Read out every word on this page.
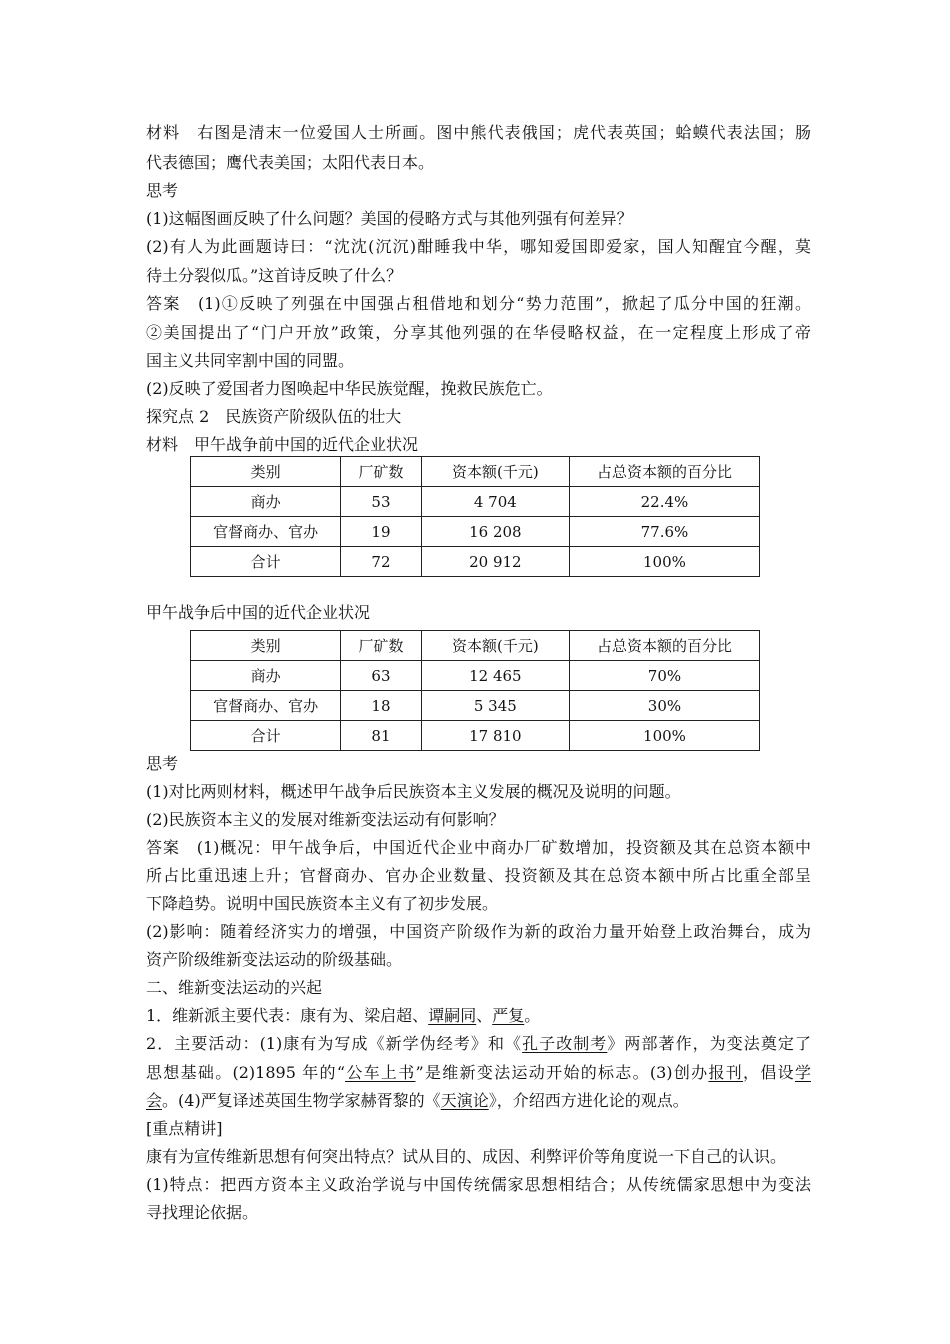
材料　右图是清末一位爱国人士所画。图中熊代表俄国；虎代表英国；蛤蟆代表法国；肠
代表德国；鹰代表美国；太阳代表日本。
思考
(1)这幅图画反映了什么问题？美国的侵略方式与其他列强有何差异？
(2)有人为此画题诗曰：“沈沈(沉沉)酣睡我中华，哪知爱国即爱家，国人知醒宜今醒，莫
待土分裂似瓜。”这首诗反映了什么？
答案　(1)①反映了列强在中国强占租借地和划分“势力范围”，掀起了瓜分中国的狂潮。
②美国提出了“门户开放”政策，分享其他列强的在华侵略权益，在一定程度上形成了帝
国主义共同宰割中国的同盟。
(2)反映了爱国者力图唤起中华民族觉醒，挽救民族危亡。
探究点 2　民族资产阶级队伍的壮大
材料　甲午战争前中国的近代企业状况
类别	厂矿数	资本额(千元)	占总资本额的百分比
商办	53	4 704	22.4%
官督商办、官办	19	16 208	77.6%
合计	72	20 912	100%
甲午战争后中国的近代企业状况
类别	厂矿数	资本额(千元)	占总资本额的百分比
商办	63	12 465	70%
官督商办、官办	18	5 345	30%
合计	81	17 810	100%
思考
(1)对比两则材料，概述甲午战争后民族资本主义发展的概况及说明的问题。
(2)民族资本主义的发展对维新变法运动有何影响？
答案　(1)概况：甲午战争后，中国近代企业中商办厂矿数增加，投资额及其在总资本额中
所占比重迅速上升；官督商办、官办企业数量、投资额及其在总资本额中所占比重全部呈
下降趋势。说明中国民族资本主义有了初步发展。
(2)影响：随着经济实力的增强，中国资产阶级作为新的政治力量开始登上政治舞台，成为
资产阶级维新变法运动的阶级基础。
二、维新变法运动的兴起
1．维新派主要代表：康有为、梁启超、谭嗣同、严复。
2．主要活动：(1)康有为写成《新学伪经考》和《孔子改制考》两部著作，为变法奠定了
思想基础。(2)1895 年的“公车上书”是维新变法运动开始的标志。(3)创办报刊，倡设学
会。(4)严复译述英国生物学家赫胥黎的《天演论》，介绍西方进化论的观点。
[重点精讲]
康有为宣传维新思想有何突出特点？试从目的、成因、利弊评价等角度说一下自己的认识。
(1)特点：把西方资本主义政治学说与中国传统儒家思想相结合；从传统儒家思想中为变法
寻找理论依据。
